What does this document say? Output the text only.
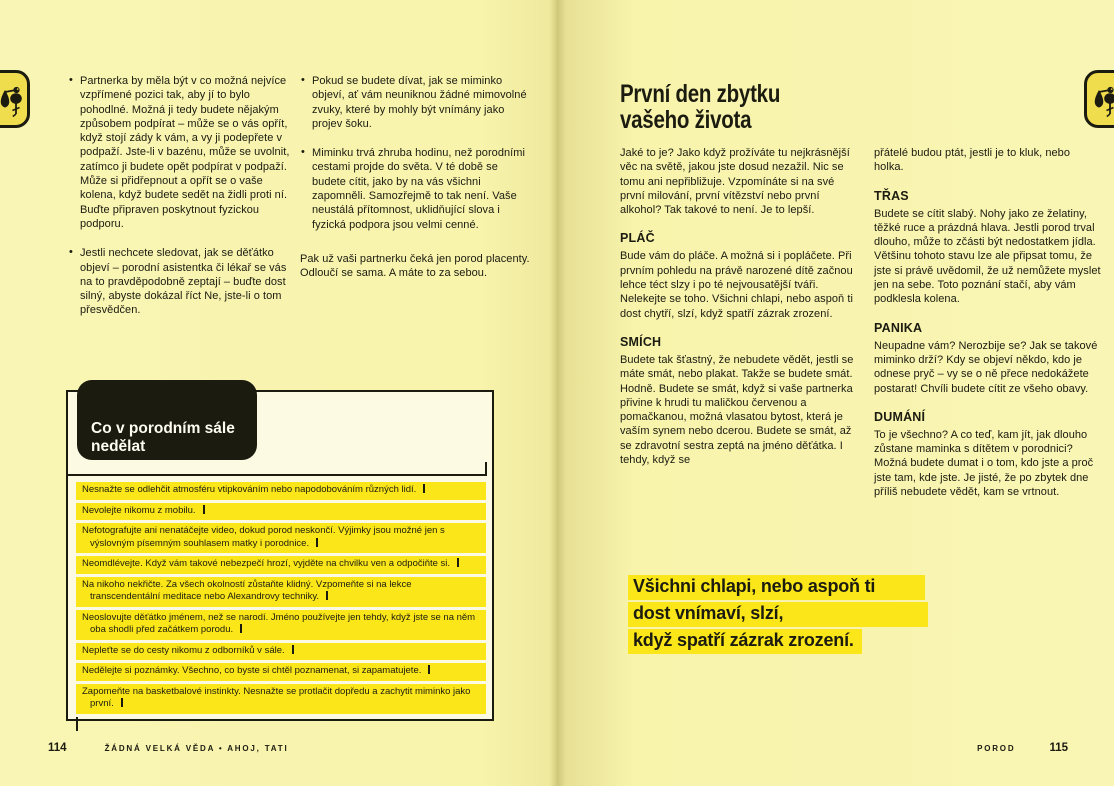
• Partnerka by měla být v co možná nejvíce vzpřímené pozici tak, aby jí to bylo pohodlné. Možná ji tedy budete nějakým způsobem podpírat – může se o vás opřít, když stojí zády k vám, a vy ji podepřete v podpaží. Jste-li v bazénu, může se uvolnit, zatímco ji budete opět podpírat v podpaží. Může si přidřepnout a opřít se o vaše kolena, když budete sedět na židli proti ní. Buďte připraven poskytnout fyzickou podporu.
• Jestli nechcete sledovat, jak se děťátko objeví – porodní asistentka či lékař se vás na to pravděpodobně zeptají – buďte dost silný, abyste dokázal říct Ne, jste-li o tom přesvědčen.
• Pokud se budete dívat, jak se miminko objeví, ať vám neuniknou žádné mimovolné zvuky, které by mohly být vnímány jako projev šoku.
• Miminku trvá zhruba hodinu, než porodními cestami projde do světa. V té době se budete cítit, jako by na vás všichni zapomněli. Samozřejmě to tak není. Vaše neustálá přítomnost, uklidňující slova i fyzická podpora jsou velmi cenné.

Pak už vaši partnerku čeká jen porod placenty. Odloučí se sama. A máte to za sebou.

Co v porodním sále
nedělat
Nesnažte se odlehčit atmosféru vtipkováním nebo napodobováním různých lidí.
Nevolejte nikomu z mobilu.
Nefotografujte ani nenatáčejte video, dokud porod neskončí. Výjimky jsou možné jen s výslovným písemným souhlasem matky i porodnice.
Neomdlévejte. Když vám takové nebezpečí hrozí, vyjděte na chvilku ven a odpočiňte si.
Na nikoho nekřičte. Za všech okolností zůstaňte klidný. Vzpomeňte si na lekce transcendentální meditace nebo Alexandrovy techniky.
Neoslovujte děťátko jménem, než se narodí. Jméno používejte jen tehdy, když jste se na něm oba shodli před začátkem porodu.
Nepleťte se do cesty nikomu z odborníků v sále.
Nedělejte si poznámky. Všechno, co byste si chtěl poznamenat, si zapamatujete.
Zapomeňte na basketbalové instinkty. Nesnažte se protlačit dopředu a zachytit miminko jako první.
114	ŽÁDNÁ VELKÁ VĚDA • AHOJ, TATI
První den zbytku
vašeho života

Jaké to je? Jako když prožíváte tu nejkrásnější věc na světě, jakou jste dosud nezažil. Nic se tomu ani nepřibližuje. Vzpomínáte si na své první milování, první vítězství nebo první alkohol? Tak takové to není. Je to lepší.

PLÁČ

Bude vám do pláče. A možná si i popláčete. Při prvním pohledu na právě narozené dítě začnou lehce téct slzy i po té nejvousatější tváři. Nelekejte se toho. Všichni chlapi, nebo aspoň ti dost chytří, slzí, když spatří zázrak zrození.

SMÍCH

Budete tak šťastný, že nebudete vědět, jestli se máte smát, nebo plakat. Takže se budete smát. Hodně. Budete se smát, když si vaše partnerka přivine k hrudi tu maličkou červenou a pomačkanou, možná vlasatou bytost, která je vaším synem nebo dcerou. Budete se smát, až se zdravotní sestra zeptá na jméno děťátka. I tehdy, když se

přátelé budou ptát, jestli je to kluk, nebo holka.

TŘAS

Budete se cítit slabý. Nohy jako ze želatiny, těžké ruce a prázdná hlava. Jestli porod trval dlouho, může to zčásti být nedostatkem jídla. Většinu tohoto stavu lze ale připsat tomu, že jste si právě uvědomil, že už nemůžete myslet jen na sebe. Toto poznání stačí, aby vám podklesla kolena.

PANIKA

Neupadne vám? Nerozbije se? Jak se takové miminko drží? Kdy se objeví někdo, kdo je odnese pryč – vy se o ně přece nedokážete postarat! Chvíli budete cítit ze všeho obavy.

DUMÁNÍ

To je všechno? A co teď, kam jít, jak dlouho zůstane maminka s dítětem v porodnici? Možná budete dumat i o tom, kdo jste a proč jste tam, kde jste. Je jisté, že po zbytek dne příliš nebudete vědět, kam se vrtnout.

Všichni chlapi, nebo aspoň ti
dost vnímaví, slzí,
když spatří zázrak zrození.
POROD	115
